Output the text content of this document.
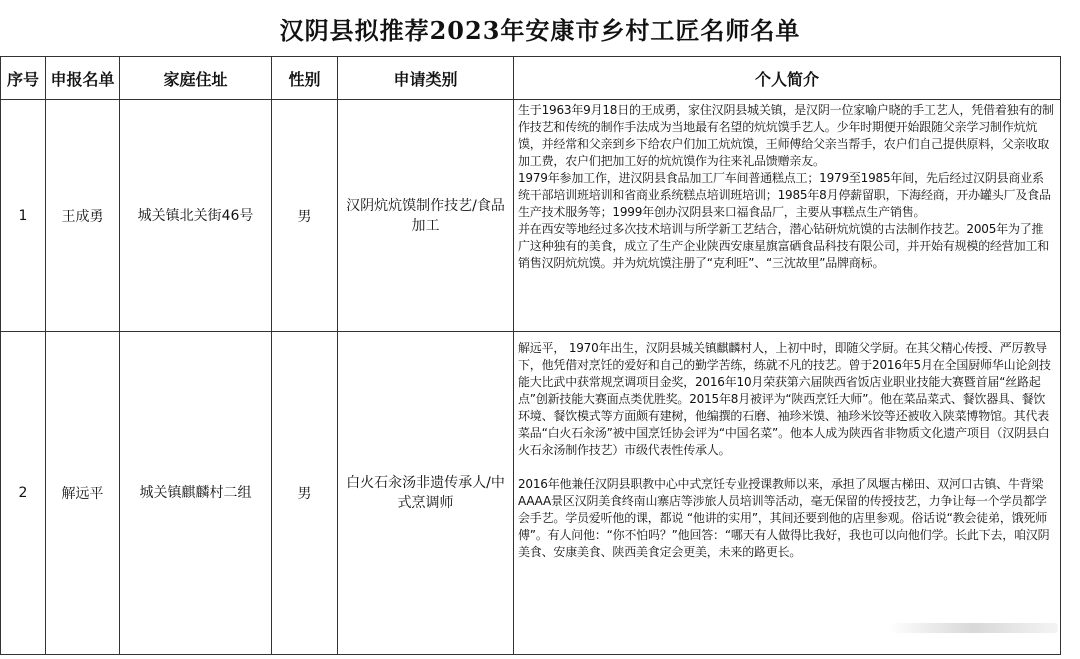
汉阴县拟推荐2023年安康市乡村工匠名师名单
序号	申报名单	家庭住址	性别	申请类别	个人简介
1	王成勇	城关镇北关街46号	男	汉阴炕炕馍制作技艺/食品加工	生于1963年9月18日的王成勇，家住汉阴县城关镇，是汉阴一位家喻户晓的手工艺人，凭借着独有的制作技艺和传统的制作手法成为当地最有名望的炕炕馍手艺人。少年时期便开始跟随父亲学习制作炕炕馍，并经常和父亲到乡下给农户们加工炕炕馍，王师傅给父亲当帮手，农户们自己提供原料，父亲收取加工费，农户们把加工好的炕炕馍作为往来礼品馈赠亲友。

1979年参加工作，进汉阴县食品加工厂车间普通糕点工；1979至1985年间，先后经过汉阴县商业系统干部培训班培训和省商业系统糕点培训班培训；1985年8月停薪留职，下海经商，开办罐头厂及食品生产技术服务等；1999年创办汉阴县来口福食品厂，主要从事糕点生产销售。

并在西安等地经过多次技术培训与所学新工艺结合，潜心钻研炕炕馍的古法制作技艺。2005年为了推广这种独有的美食，成立了生产企业陕西安康星旗富硒食品科技有限公司，并开始有规模的经营加工和销售汉阴炕炕馍。并为炕炕馍注册了“克利旺”、“三沈故里”品牌商标。

2	解远平	城关镇麒麟村二组	男	白火石汆汤非遗传承人/中式烹调师	解远平， 1970年出生，汉阴县城关镇麒麟村人，上初中时，即随父学厨。在其父精心传授、严厉教导下，他凭借对烹饪的爱好和自己的勤学苦练，练就不凡的技艺。曾于2016年5月在全国厨师华山论剑技能大比武中获常规烹调项目金奖，2016年10月荣获第六届陕西省饭店业职业技能大赛暨首届“丝路起点”创新技能大赛面点类优胜奖。2015年8月被评为“陕西烹饪大师”。他在菜品菜式、餐饮器具、餐饮环境、餐饮模式等方面颇有建树，他编撰的石磨、袖珍米馍、袖珍米饺等还被收入陕菜博物馆。其代表菜品“白火石汆汤”被中国烹饪协会评为“中国名菜”。他本人成为陕西省非物质文化遗产项目（汉阴县白火石汆汤制作技艺）市级代表性传承人。

2016年他兼任汉阴县职教中心中式烹饪专业授课教师以来，承担了凤堰古梯田、双河口古镇、牛背梁AAAA景区汉阴美食终南山寨店等涉旅人员培训等活动，毫无保留的传授技艺，力争让每一个学员都学会手艺。学员爱听他的课，都说 “他讲的实用”，其间还要到他的店里参观。俗话说“教会徒弟，饿死师傅”。有人问他：“你不怕吗？”他回答：“哪天有人做得比我好，我也可以向他们学。长此下去，咱汉阴美食、安康美食、陕西美食定会更美，未来的路更长。
